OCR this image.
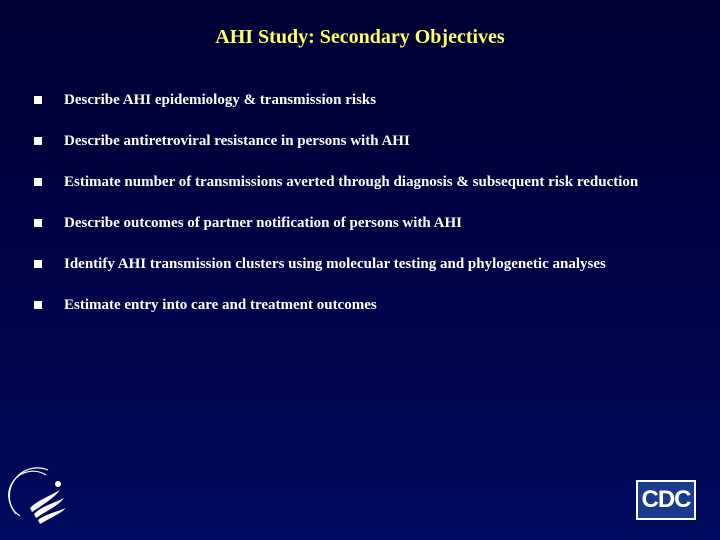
AHI Study: Secondary Objectives
Describe AHI epidemiology & transmission risks
Describe antiretroviral resistance in persons with AHI
Estimate number of transmissions averted through diagnosis & subsequent risk reduction
Describe outcomes of partner notification of persons with AHI
Identify AHI transmission clusters using molecular testing and phylogenetic analyses
Estimate entry into care and treatment outcomes
CDC
